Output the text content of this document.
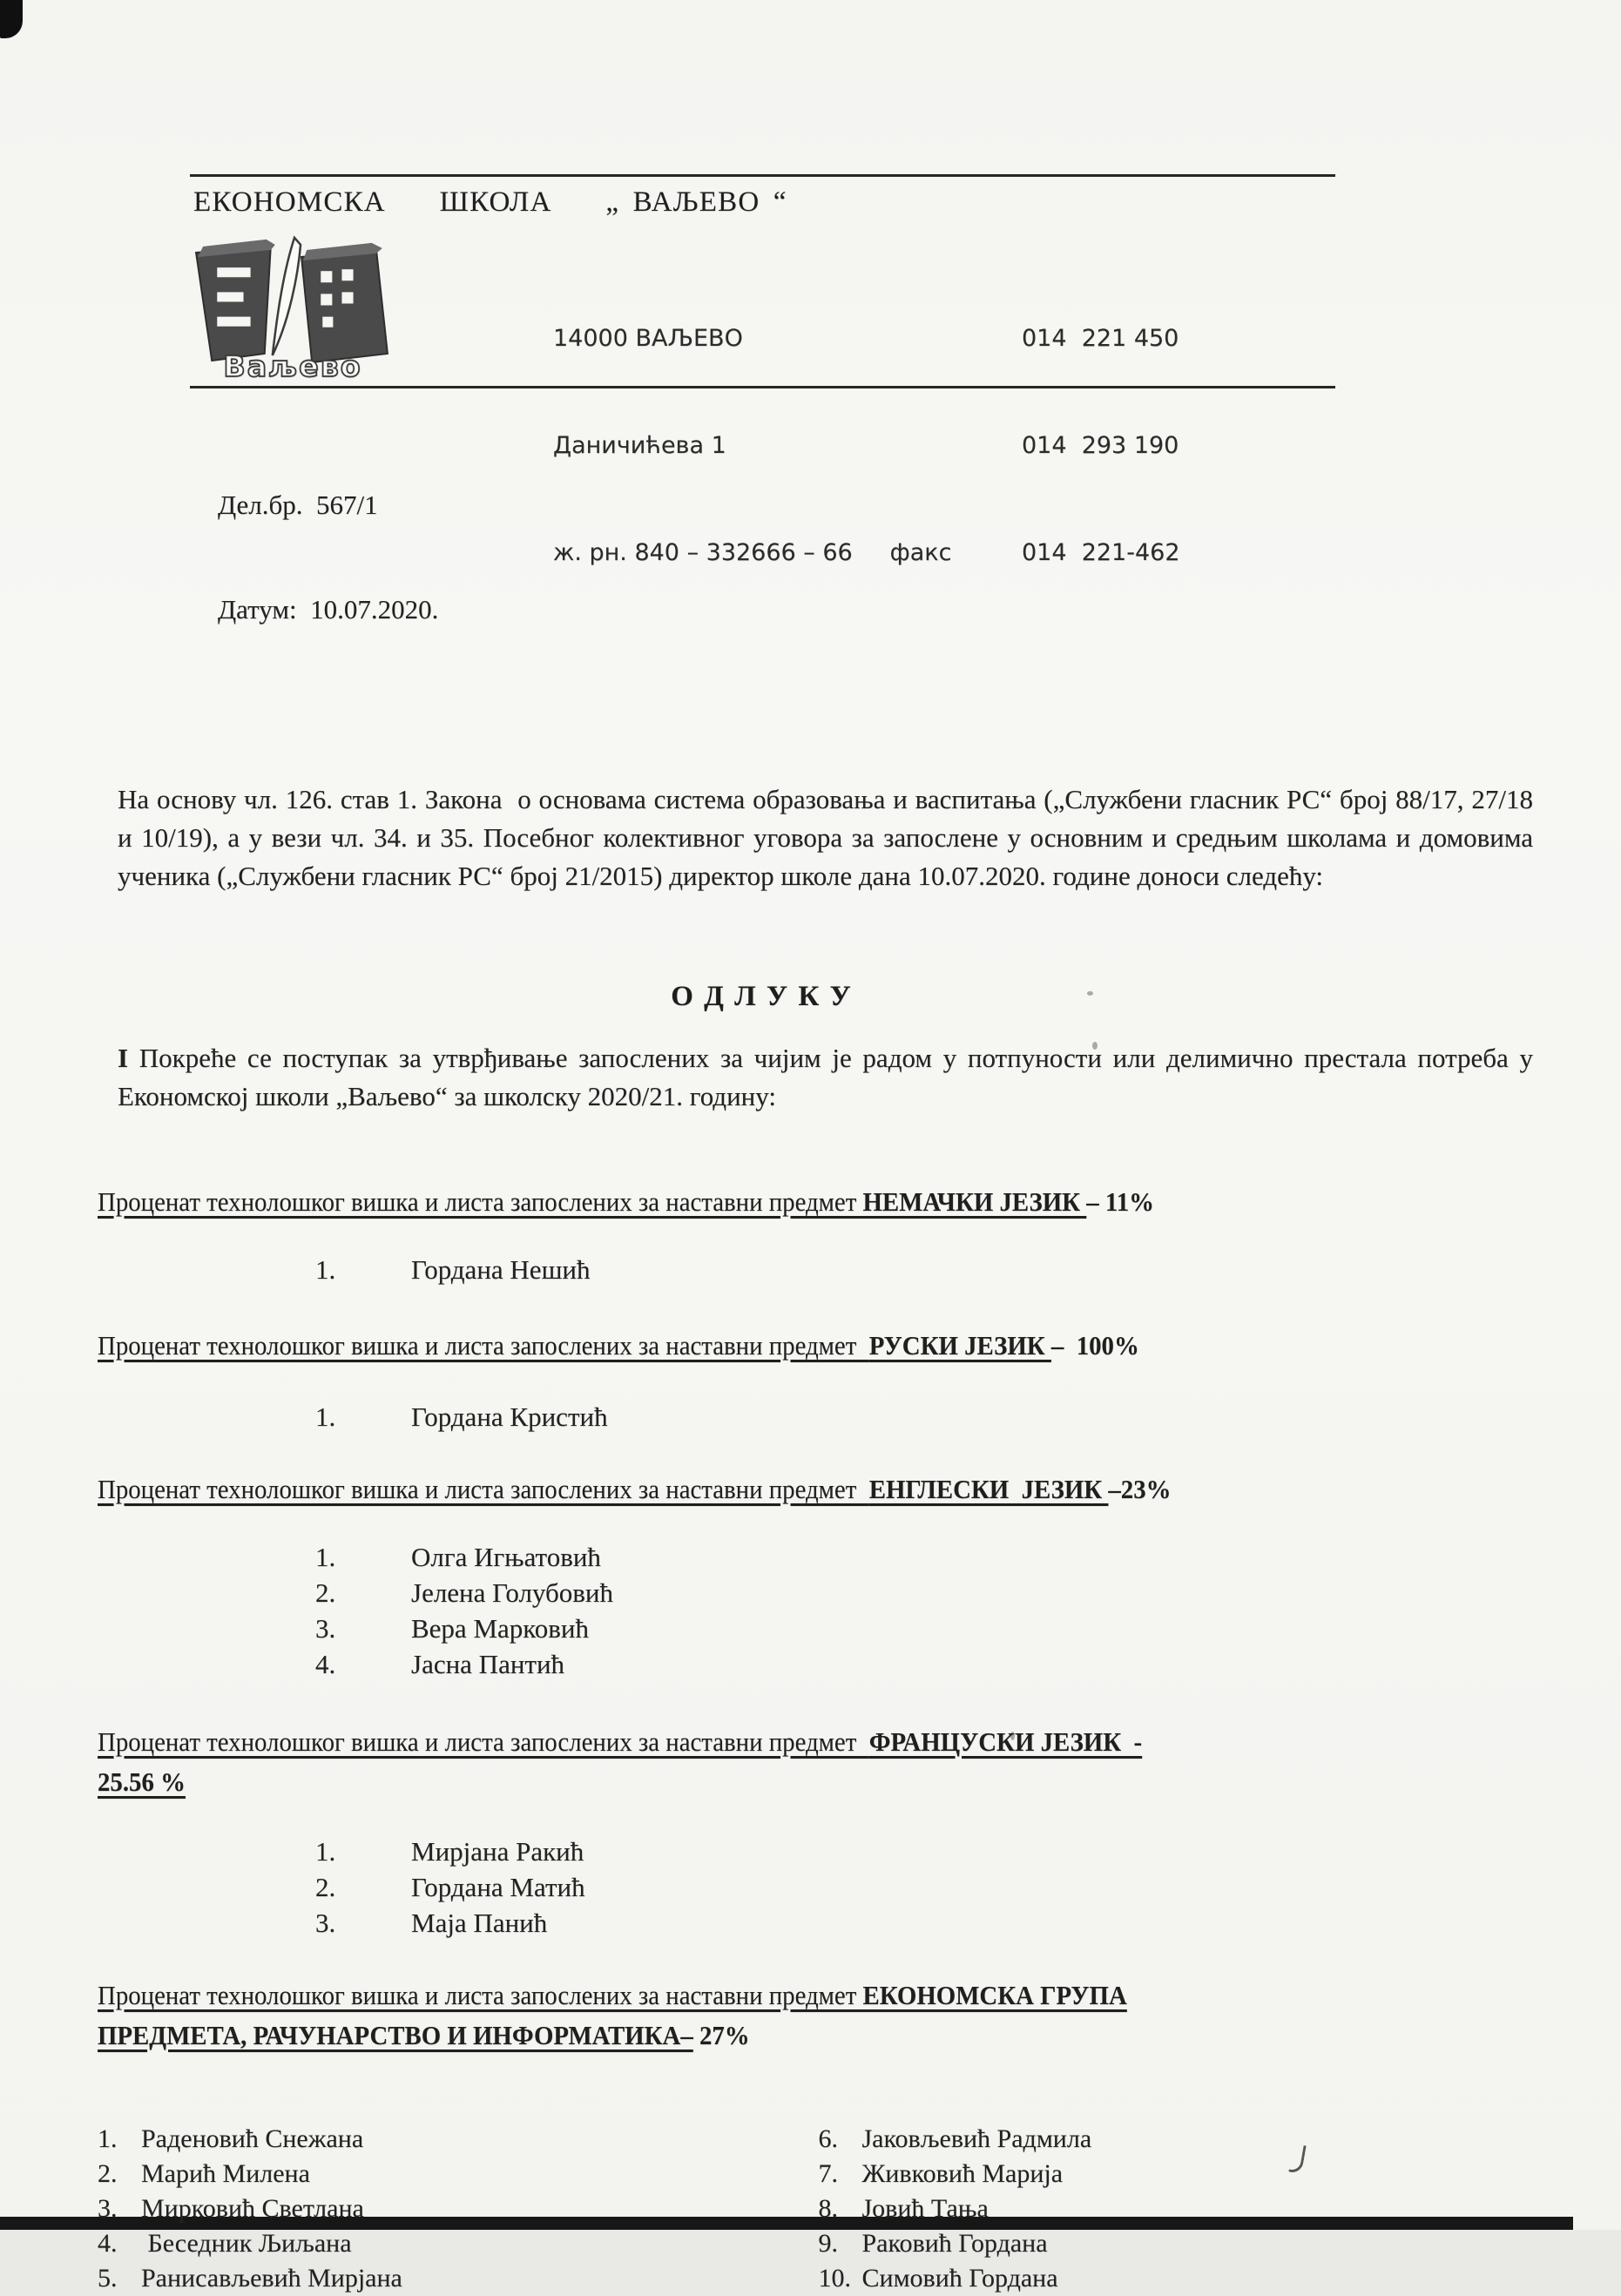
ЕКОНОМСКА    ШКОЛА    „ ВАЉЕВО “
Ваљево

14000 ВАЉЕВО

Даничићева 1

ж. рн. 840 – 332666 – 66     факс

014  221 450

014  293 190

014  221-462

Дел.бр.  567/1

Датум:  10.07.2020.

На основу чл. 126. став 1. Закона  о основама система образовања и васпитања („Службени гласник РС“ број 88/17, 27/18 и 10/19), а у вези чл. 34. и 35. Посебног колективног уговора за запослене у основним и средњим школама и домовима ученика („Службени гласник РС“ број 21/2015) директор школе дана 10.07.2020. године доноси следећу:
О Д Л У К У
I Покреће се поступак за утврђивање запослених за чијим је радом у потпуности или делимично престала потреба у Економској школи „Ваљево“ за школску 2020/21. годину:
Проценат технолошког вишка и листа запослених за наставни предмет НЕМАЧКИ ЈЕЗИК – 11%
1.	Гордана Нешић
Проценат технолошког вишка и листа запослених за наставни предмет  РУСКИ ЈЕЗИК –  100%
1.	Гордана Кристић
Проценат технолошког вишка и листа запослених за наставни предмет  ЕНГЛЕСКИ  ЈЕЗИК –23%
1.	Олга Игњатовић
2.	Јелена Голубовић
3.	Вера Марковић
4.	Јасна Пантић
Проценат технолошког вишка и листа запослених за наставни предмет  ФРАНЦУСКИ ЈЕЗИК  -
25.56 %
1.	Мирјана Ракић
2.	Гордана Матић
3.	Маја Панић
Проценат технолошког вишка и листа запослених за наставни предмет ЕКОНОМСКА ГРУПА
ПРЕДМЕТА, РАЧУНАРСТВО И ИНФОРМАТИКА– 27%
1. Раденовић Снежана
2. Марић Милена
3. Мирковић Светлана
4. Беседник Љиљана
5. Ранисављевић Мирјана
6. Јаковљевић Радмила
7. Живковић Марија
8. Јовић Тања
9. Раковић Гордана
10. Симовић Гордана
